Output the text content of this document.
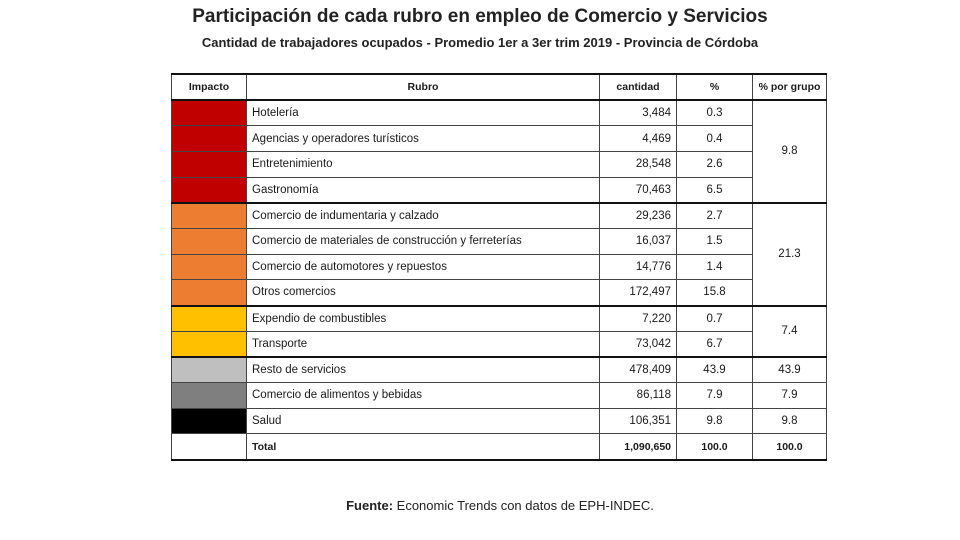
Participación de cada rubro en empleo de Comercio y Servicios
Cantidad de trabajadores ocupados - Promedio 1er a 3er trim 2019 - Provincia de Córdoba
Impacto	Rubro	cantidad	%	% por grupo
	Hotelería	3,484	0.3	9.8
	Agencias y operadores turísticos	4,469	0.4	
	Entretenimiento	28,548	2.6	
	Gastronomía	70,463	6.5	
	Comercio de indumentaria y calzado	29,236	2.7	21.3
	Comercio de materiales de construcción y ferreterías	16,037	1.5	
	Comercio de automotores y repuestos	14,776	1.4	
	Otros comercios	172,497	15.8	
	Expendio de combustibles	7,220	0.7	7.4
	Transporte	73,042	6.7	
	Resto de servicios	478,409	43.9	43.9
	Comercio de alimentos y bebidas	86,118	7.9	7.9
	Salud	106,351	9.8	9.8
	Total	1,090,650	100.0	100.0
Fuente: Economic Trends con datos de EPH-INDEC.
